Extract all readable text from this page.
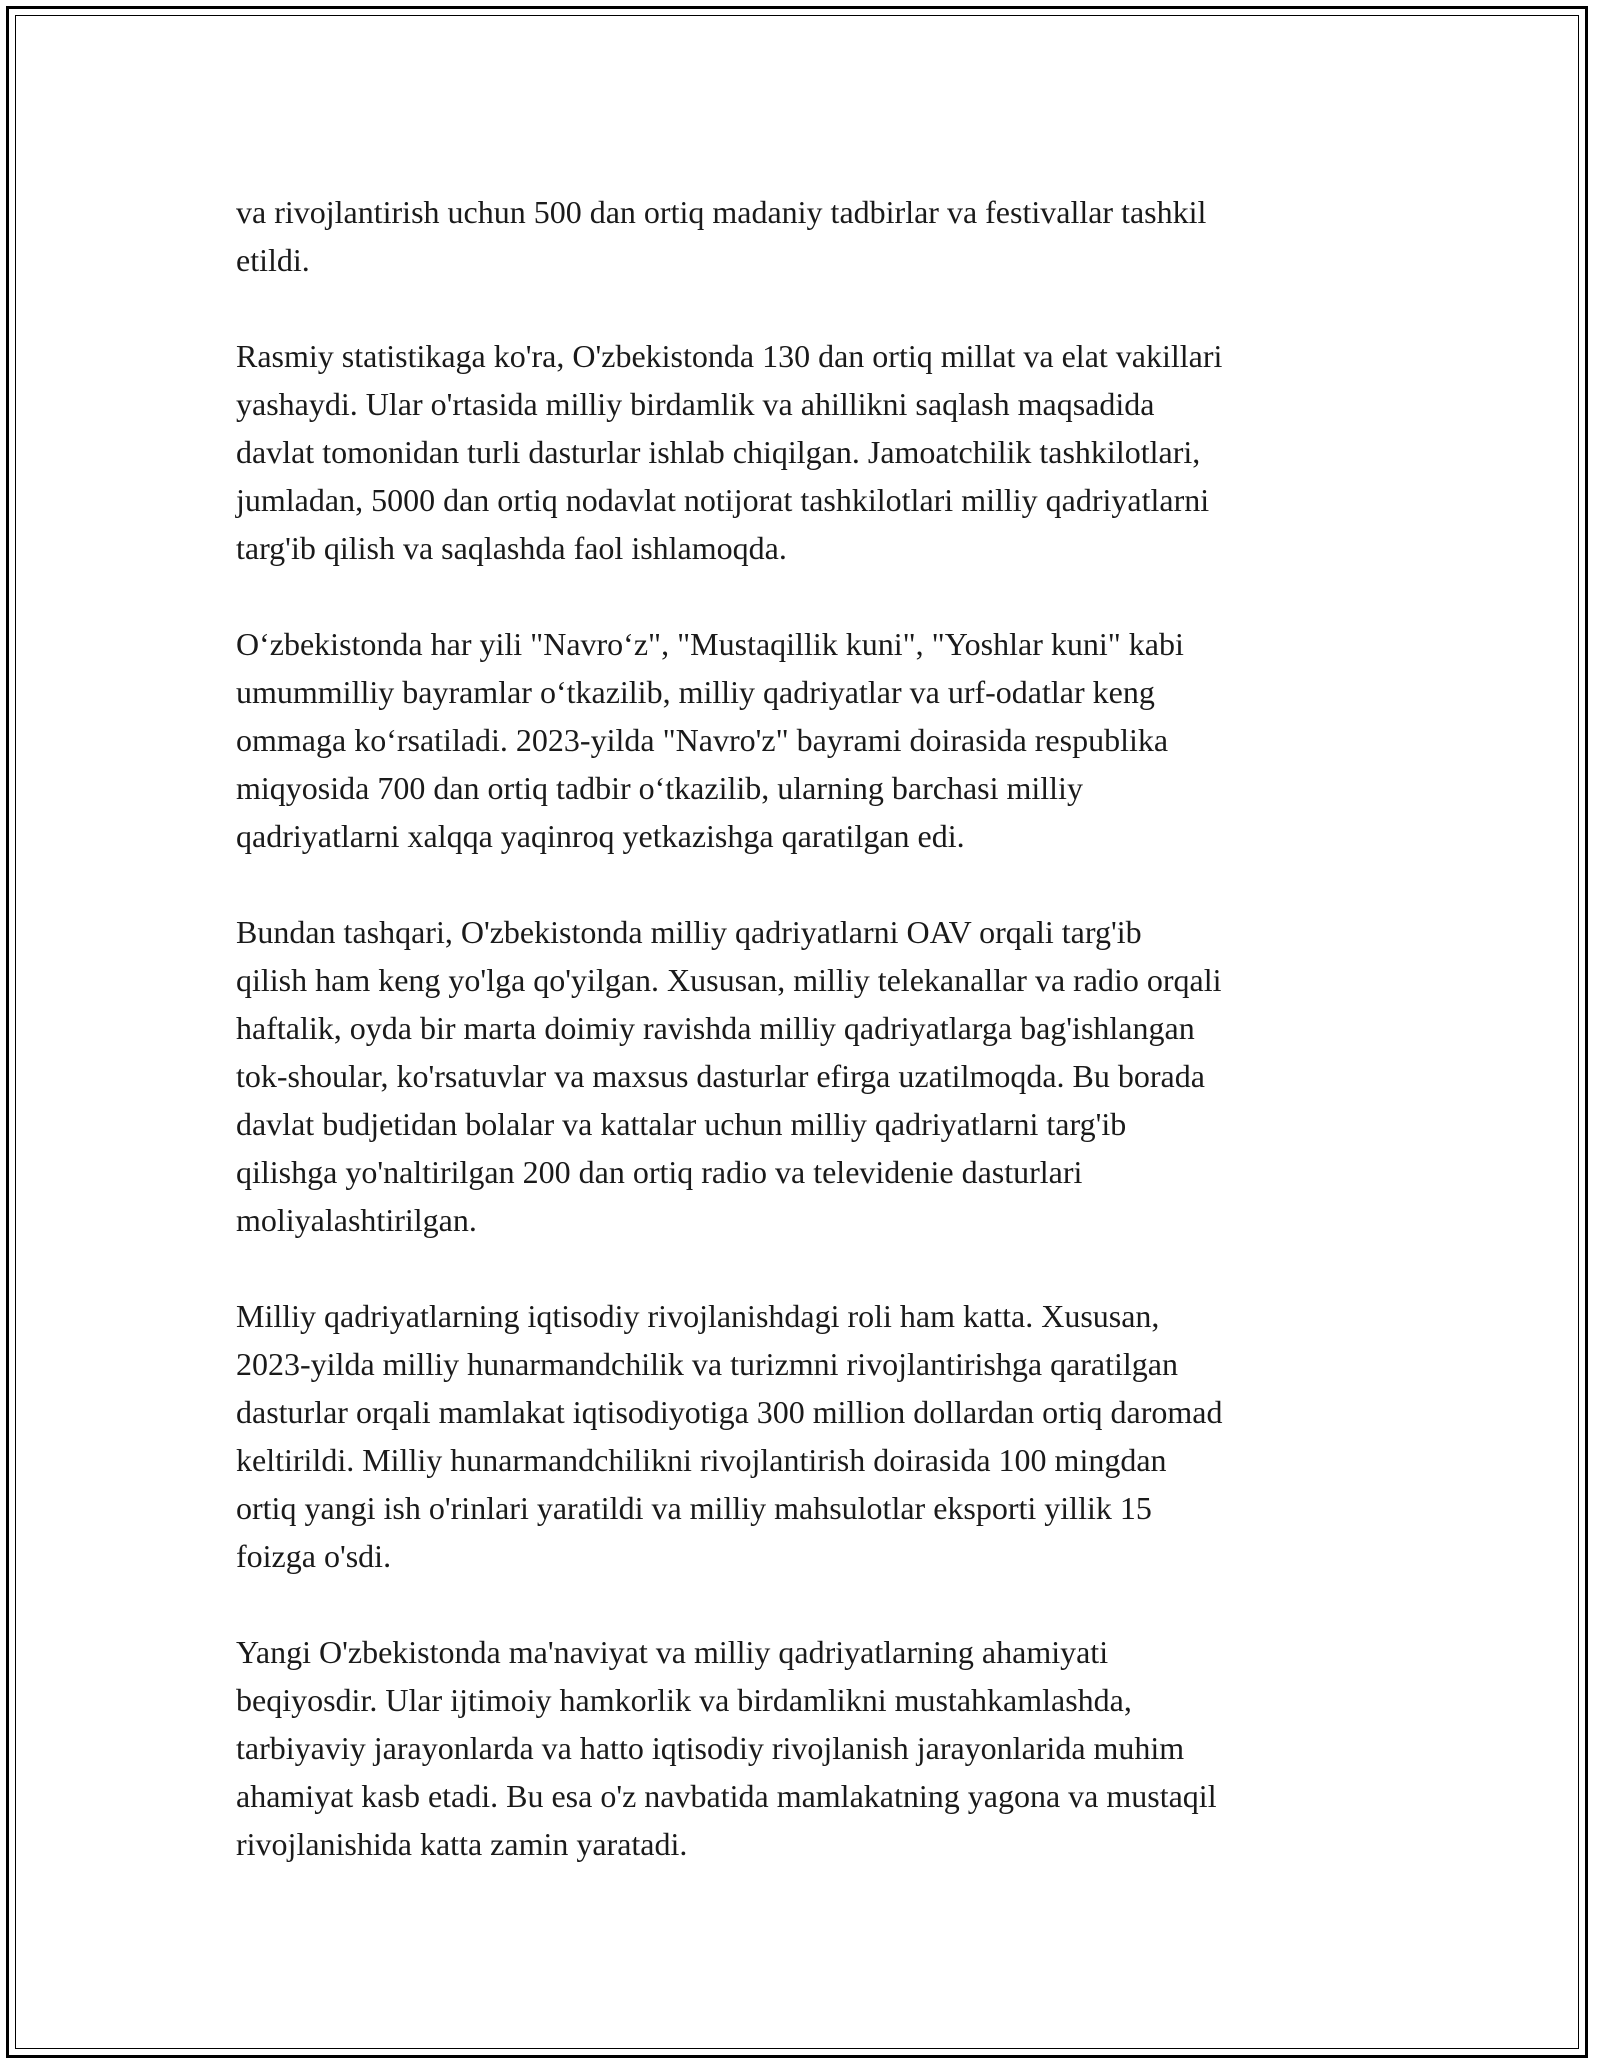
va rivojlantirish uchun 500 dan ortiq madaniy tadbirlar va festivallar tashkil
etildi.

Rasmiy statistikaga ko'ra, O'zbekistonda 130 dan ortiq millat va elat vakillari
yashaydi. Ular o'rtasida milliy birdamlik va ahillikni saqlash maqsadida
davlat tomonidan turli dasturlar ishlab chiqilgan. Jamoatchilik tashkilotlari,
jumladan, 5000 dan ortiq nodavlat notijorat tashkilotlari milliy qadriyatlarni
targ'ib qilish va saqlashda faol ishlamoqda.

O‘zbekistonda har yili "Navro‘z", "Mustaqillik kuni", "Yoshlar kuni" kabi
umummilliy bayramlar o‘tkazilib, milliy qadriyatlar va urf-odatlar keng
ommaga ko‘rsatiladi. 2023-yilda "Navro'z" bayrami doirasida respublika
miqyosida 700 dan ortiq tadbir o‘tkazilib, ularning barchasi milliy
qadriyatlarni xalqqa yaqinroq yetkazishga qaratilgan edi.

Bundan tashqari, O'zbekistonda milliy qadriyatlarni OAV orqali targ'ib
qilish ham keng yo'lga qo'yilgan. Xususan, milliy telekanallar va radio orqali
haftalik, oyda bir marta doimiy ravishda milliy qadriyatlarga bag'ishlangan
tok-shoular, ko'rsatuvlar va maxsus dasturlar efirga uzatilmoqda. Bu borada
davlat budjetidan bolalar va kattalar uchun milliy qadriyatlarni targ'ib
qilishga yo'naltirilgan 200 dan ortiq radio va televidenie dasturlari
moliyalashtirilgan.

Milliy qadriyatlarning iqtisodiy rivojlanishdagi roli ham katta. Xususan,
2023-yilda milliy hunarmandchilik va turizmni rivojlantirishga qaratilgan
dasturlar orqali mamlakat iqtisodiyotiga 300 million dollardan ortiq daromad
keltirildi. Milliy hunarmandchilikni rivojlantirish doirasida 100 mingdan
ortiq yangi ish o'rinlari yaratildi va milliy mahsulotlar eksporti yillik 15
foizga o'sdi.

Yangi O'zbekistonda ma'naviyat va milliy qadriyatlarning ahamiyati
beqiyosdir. Ular ijtimoiy hamkorlik va birdamlikni mustahkamlashda,
tarbiyaviy jarayonlarda va hatto iqtisodiy rivojlanish jarayonlarida muhim
ahamiyat kasb etadi. Bu esa o'z navbatida mamlakatning yagona va mustaqil
rivojlanishida katta zamin yaratadi.
